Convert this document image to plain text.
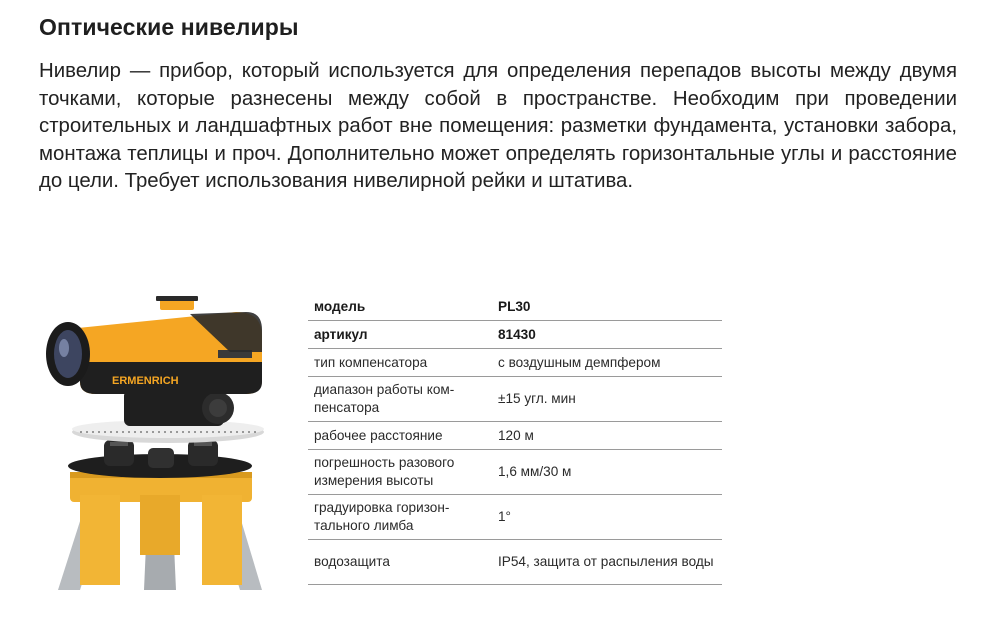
Оптические нивелиры

Нивелир — прибор, который используется для определения перепадов высоты между двумя точками, которые разнесены между собой в пространстве. Необходим при проведении строительных и ландшафтных работ вне помещения: разметки фундамента, установки забора, монтажа теплицы и проч. Дополнительно может определять горизонтальные углы и расстояние до цели. Требует использования нивелирной рейки и штатива.

ERMENRICH
модель	PL30
артикул	81430
тип компенсатора	с воздушным демпфером
диапазон работы ком-пенсатора	±15 угл. мин
рабочее расстояние	120 м
погрешность разового измерения высоты	1,6 мм/30 м
градуировка горизон-тального лимба	1°
водозащита	IP54, защита от распыления воды
